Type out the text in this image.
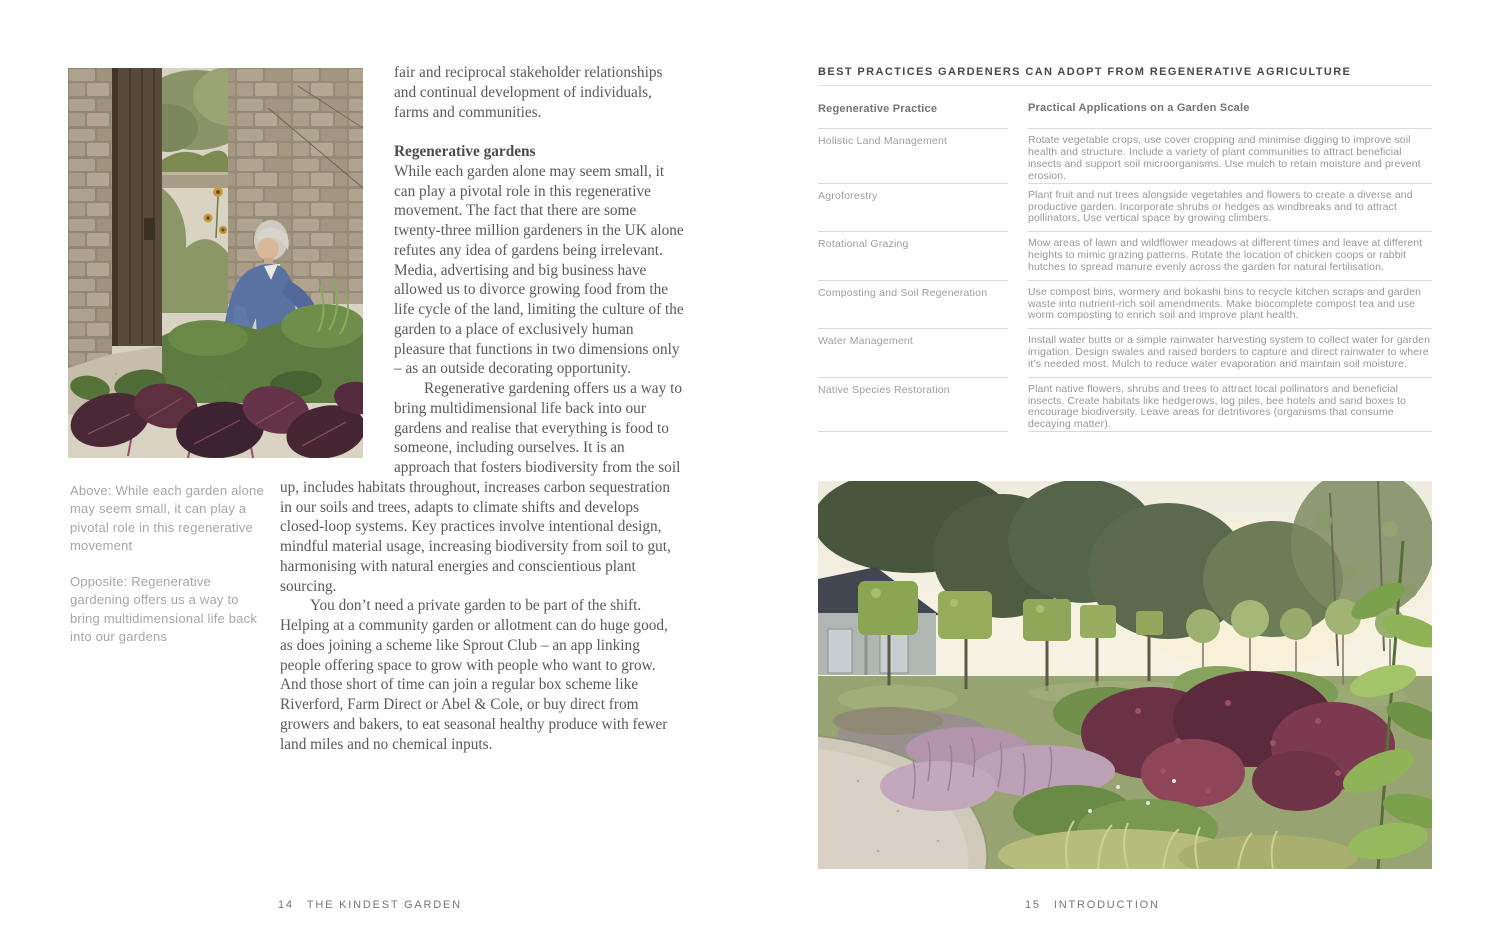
Above: While each garden alone may seem small, it can play a pivotal role in this regenerative movement

Opposite: Regenerative gardening offers us a way to bring multidimensional life back into our gardens

fair and reciprocal stakeholder relationships and continual development of individuals, farms and communities.

Regenerative gardens

While each garden alone may seem small, it can play a pivotal role in this regenerative movement. The fact that there are some twenty-three million gardeners in the UK alone refutes any idea of gardens being irrelevant. Media, advertising and big business have allowed us to divorce growing food from the life cycle of the land, limiting the culture of the garden to a place of exclusively human pleasure that functions in two dimensions only – as an outside decorating opportunity.

Regenerative gardening offers us a way to bring multidimensional life back into our gardens and realise that everything is food to someone, including ourselves. It is an approach that fosters biodiversity from the soil up, includes habitats throughout, increases carbon sequestration in our soils and trees, adapts to climate shifts and develops closed-loop systems. Key practices involve intentional design, mindful material usage, increasing biodiversity from soil to gut, harmonising with natural energies and conscientious plant sourcing.

You don’t need a private garden to be part of the shift. Helping at a community garden or allotment can do huge good, as does joining a scheme like Sprout Club – an app linking people offering space to grow with people who want to grow. And those short of time can join a regular box scheme like Riverford, Farm Direct or Abel & Cole, or buy direct from growers and bakers, to eat seasonal healthy produce with fewer land miles and no chemical inputs.

14 THE KINDEST GARDEN
BEST PRACTICES GARDENERS CAN ADOPT FROM REGENERATIVE AGRICULTURE
Regenerative Practice	Practical Applications on a Garden Scale
Holistic Land Management	Rotate vegetable crops, use cover cropping and minimise digging to improve soil health and structure. Include a variety of plant communities to attract beneficial insects and support soil microorganisms. Use mulch to retain moisture and prevent erosion.
Agroforestry	Plant fruit and nut trees alongside vegetables and flowers to create a diverse and productive garden. Incorporate shrubs or hedges as windbreaks and to attract pollinators. Use vertical space by growing climbers.
Rotational Grazing	Mow areas of lawn and wildflower meadows at different times and leave at different heights to mimic grazing patterns. Rotate the location of chicken coops or rabbit hutches to spread manure evenly across the garden for natural fertilisation.
Composting and Soil Regeneration	Use compost bins, wormery and bokashi bins to recycle kitchen scraps and garden waste into nutrient-rich soil amendments. Make biocomplete compost tea and use worm composting to enrich soil and improve plant health.
Water Management	Install water butts or a simple rainwater harvesting system to collect water for garden irrigation. Design swales and raised borders to capture and direct rainwater to where it’s needed most. Mulch to reduce water evaporation and maintain soil moisture.
Native Species Restoration	Plant native flowers, shrubs and trees to attract local pollinators and beneficial insects. Create habitats like hedgerows, log piles, bee hotels and sand boxes to encourage biodiversity. Leave areas for detritivores (organisms that consume decaying matter).
15 INTRODUCTION
